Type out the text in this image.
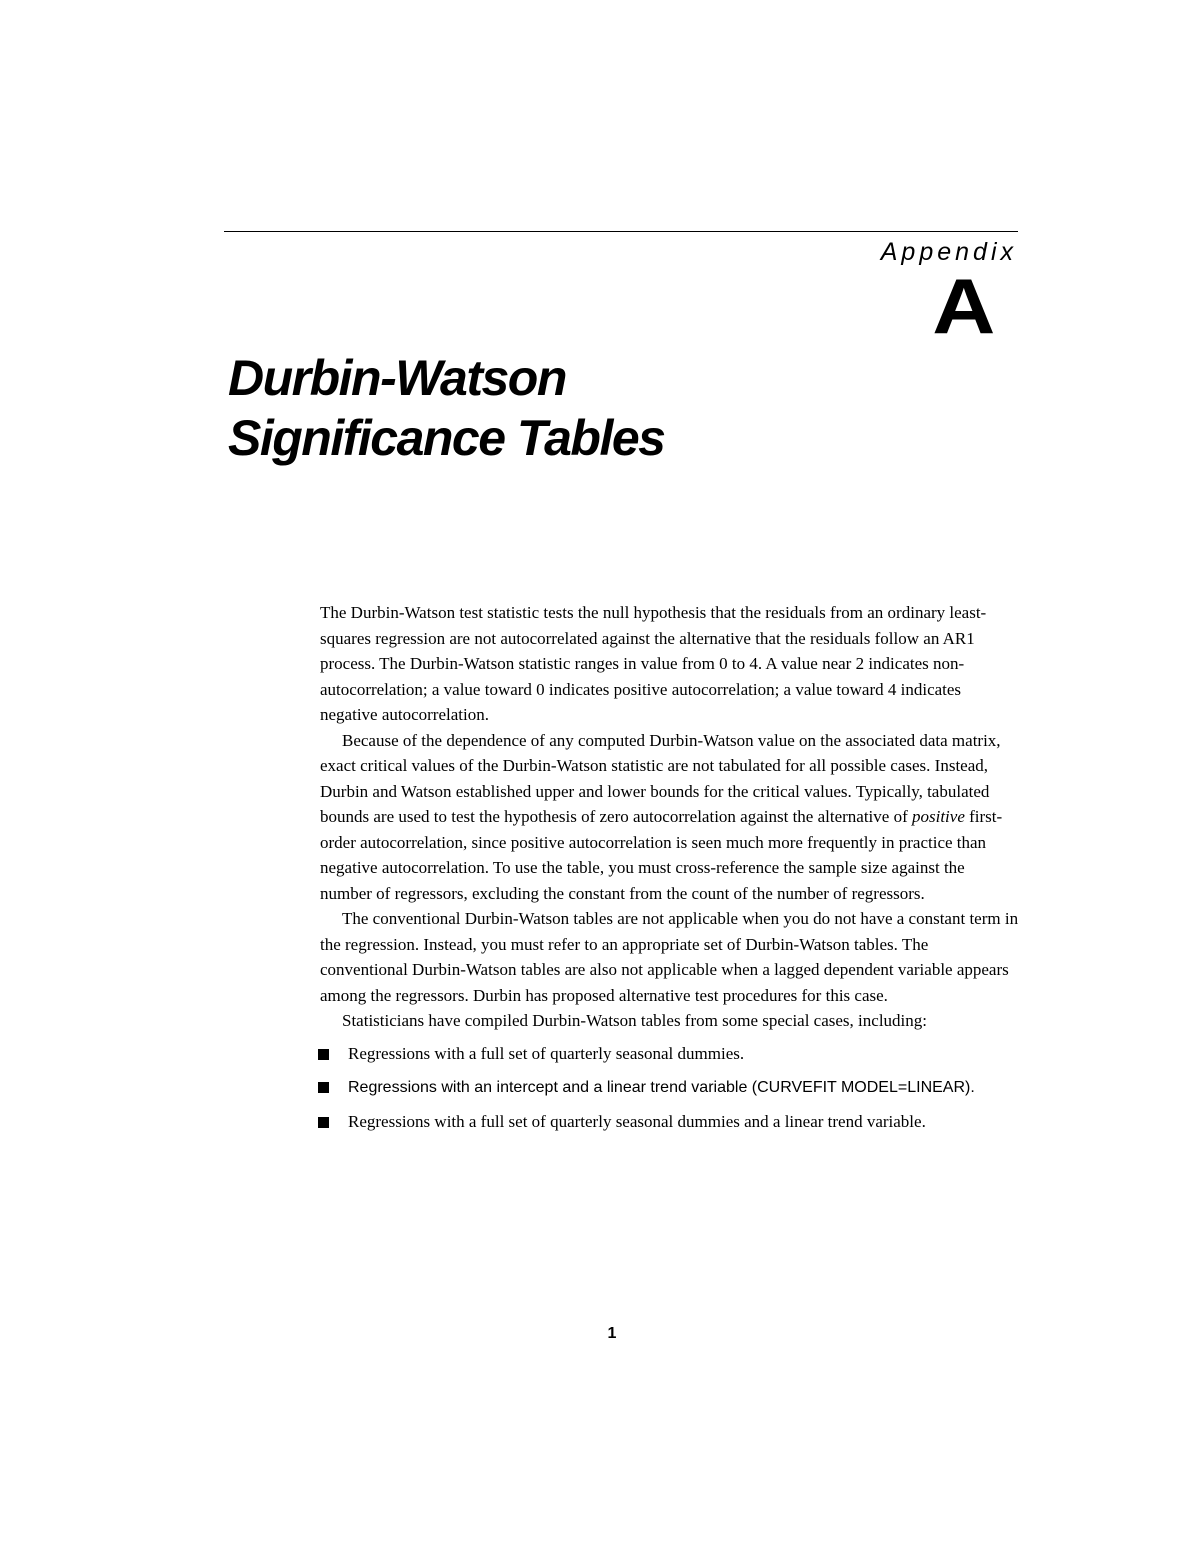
Appendix

A

Durbin-Watson
Significance Tables

The Durbin-Watson test statistic tests the null hypothesis that the residuals from an ordinary least-squares regression are not autocorrelated against the alternative that the residuals follow an AR1 process. The Durbin-Watson statistic ranges in value from 0 to 4. A value near 2 indicates non-autocorrelation; a value toward 0 indicates positive autocorrelation; a value toward 4 indicates negative autocorrelation.

Because of the dependence of any computed Durbin-Watson value on the associated data matrix, exact critical values of the Durbin-Watson statistic are not tabulated for all possible cases. Instead, Durbin and Watson established upper and lower bounds for the critical values. Typically, tabulated bounds are used to test the hypothesis of zero autocorrelation against the alternative of positive first-order autocorrelation, since positive autocorrelation is seen much more frequently in practice than negative autocorrelation. To use the table, you must cross-reference the sample size against the number of regressors, excluding the constant from the count of the number of regressors.

The conventional Durbin-Watson tables are not applicable when you do not have a constant term in the regression. Instead, you must refer to an appropriate set of Durbin-Watson tables. The conventional Durbin-Watson tables are also not applicable when a lagged dependent variable appears among the regressors. Durbin has proposed alternative test procedures for this case.

Statisticians have compiled Durbin-Watson tables from some special cases, including:

Regressions with a full set of quarterly seasonal dummies.
Regressions with an intercept and a linear trend variable (CURVEFIT MODEL=LINEAR).
Regressions with a full set of quarterly seasonal dummies and a linear trend variable.

1
